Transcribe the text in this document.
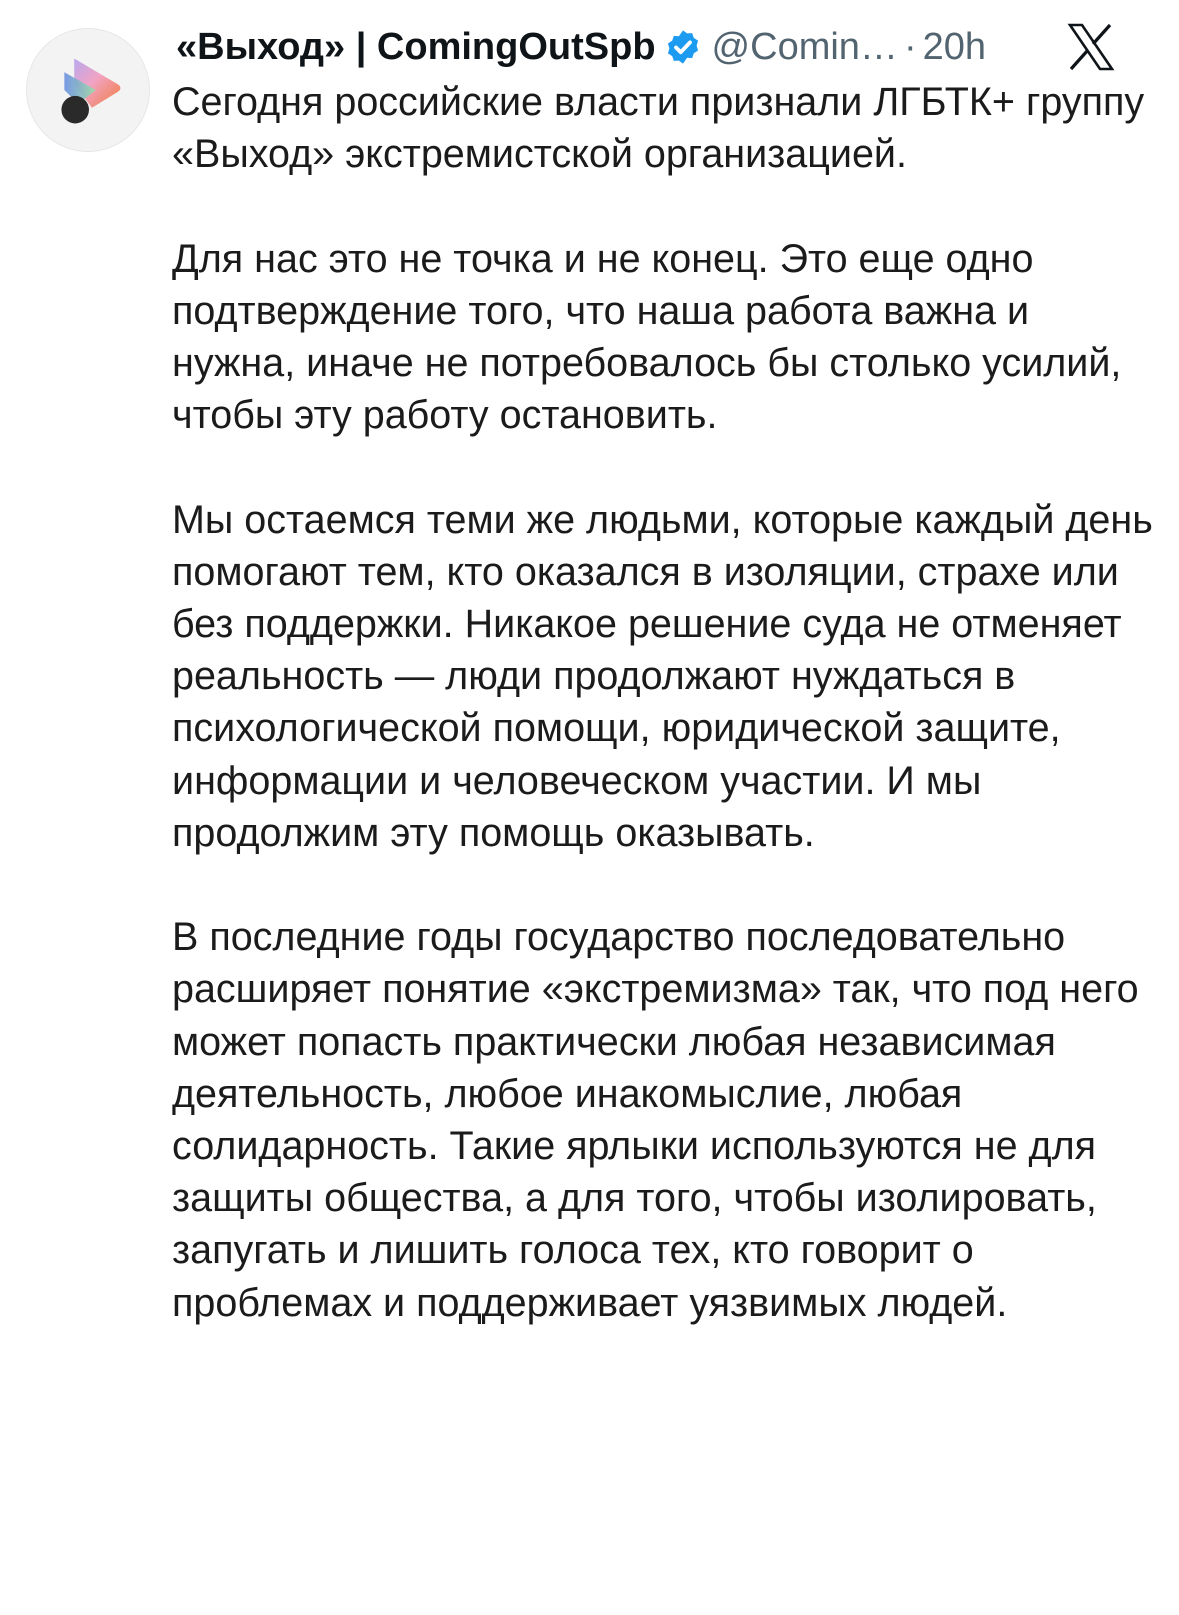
«Выход» | ComingOutSpb @Comin… · 20h

Сегодня российские власти признали ЛГБТК+ группу «Выход» экстремистской организацией.

Для нас это не точка и не конец. Это еще одно подтверждение того, что наша работа важна и нужна, иначе не потребовалось бы столько усилий, чтобы эту работу остановить.

Мы остаемся теми же людьми, которые каждый день помогают тем, кто оказался в изоляции, страхе или без поддержки. Никакое решение суда не отменяет реальность — люди продолжают нуждаться в психологической помощи, юридической защите, информации и человеческом участии. И мы продолжим эту помощь оказывать.

В последние годы государство последовательно расширяет понятие «экстремизма» так, что под него может попасть практически любая независимая деятельность, любое инакомыслие, любая солидарность. Такие ярлыки используются не для защиты общества, а для того, чтобы изолировать, запугать и лишить голоса тех, кто говорит о проблемах и поддерживает уязвимых людей.
